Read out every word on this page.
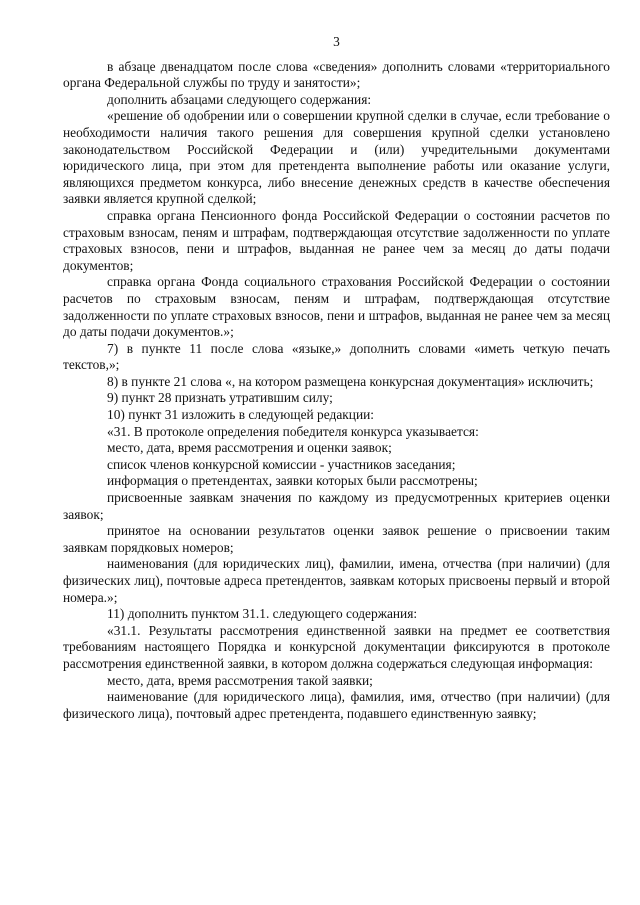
3

в абзаце двенадцатом после слова «сведения» дополнить словами «территориального органа Федеральной службы по труду и занятости»;

дополнить абзацами следующего содержания:

«решение об одобрении или о совершении крупной сделки в случае, если требование о необходимости наличия такого решения для совершения крупной сделки установлено законодательством Российской Федерации и (или) учредительными документами юридического лица, при этом для претендента выполнение работы или оказание услуги, являющихся предметом конкурса, либо внесение денежных средств в качестве обеспечения заявки является крупной сделкой;

справка органа Пенсионного фонда Российской Федерации о состоянии расчетов по страховым взносам, пеням и штрафам, подтверждающая отсутствие задолженности по уплате страховых взносов, пени и штрафов, выданная не ранее чем за месяц до даты подачи документов;

справка органа Фонда социального страхования Российской Федерации о состоянии расчетов по страховым взносам, пеням и штрафам, подтверждающая отсутствие задолженности по уплате страховых взносов, пени и штрафов, выданная не ранее чем за месяц до даты подачи документов.»;

7) в пункте 11 после слова «языке,» дополнить словами «иметь четкую печать текстов,»;

8) в пункте 21 слова «, на котором размещена конкурсная документация» исключить;

9) пункт 28 признать утратившим силу;

10) пункт 31 изложить в следующей редакции:

«31. В протоколе определения победителя конкурса указывается:

место, дата, время рассмотрения и оценки заявок;

список членов конкурсной комиссии - участников заседания;

информация о претендентах, заявки которых были рассмотрены;

присвоенные заявкам значения по каждому из предусмотренных критериев оценки заявок;

принятое на основании результатов оценки заявок решение о присвоении таким заявкам порядковых номеров;

наименования (для юридических лиц), фамилии, имена, отчества (при наличии) (для физических лиц), почтовые адреса претендентов, заявкам которых присвоены первый и второй номера.»;

11) дополнить пунктом 31.1. следующего содержания:

«31.1. Результаты рассмотрения единственной заявки на предмет ее соответствия требованиям настоящего Порядка и конкурсной документации фиксируются в протоколе рассмотрения единственной заявки, в котором должна содержаться следующая информация:

место, дата, время рассмотрения такой заявки;

наименование (для юридического лица), фамилия, имя, отчество (при наличии) (для физического лица), почтовый адрес претендента, подавшего единственную заявку;
